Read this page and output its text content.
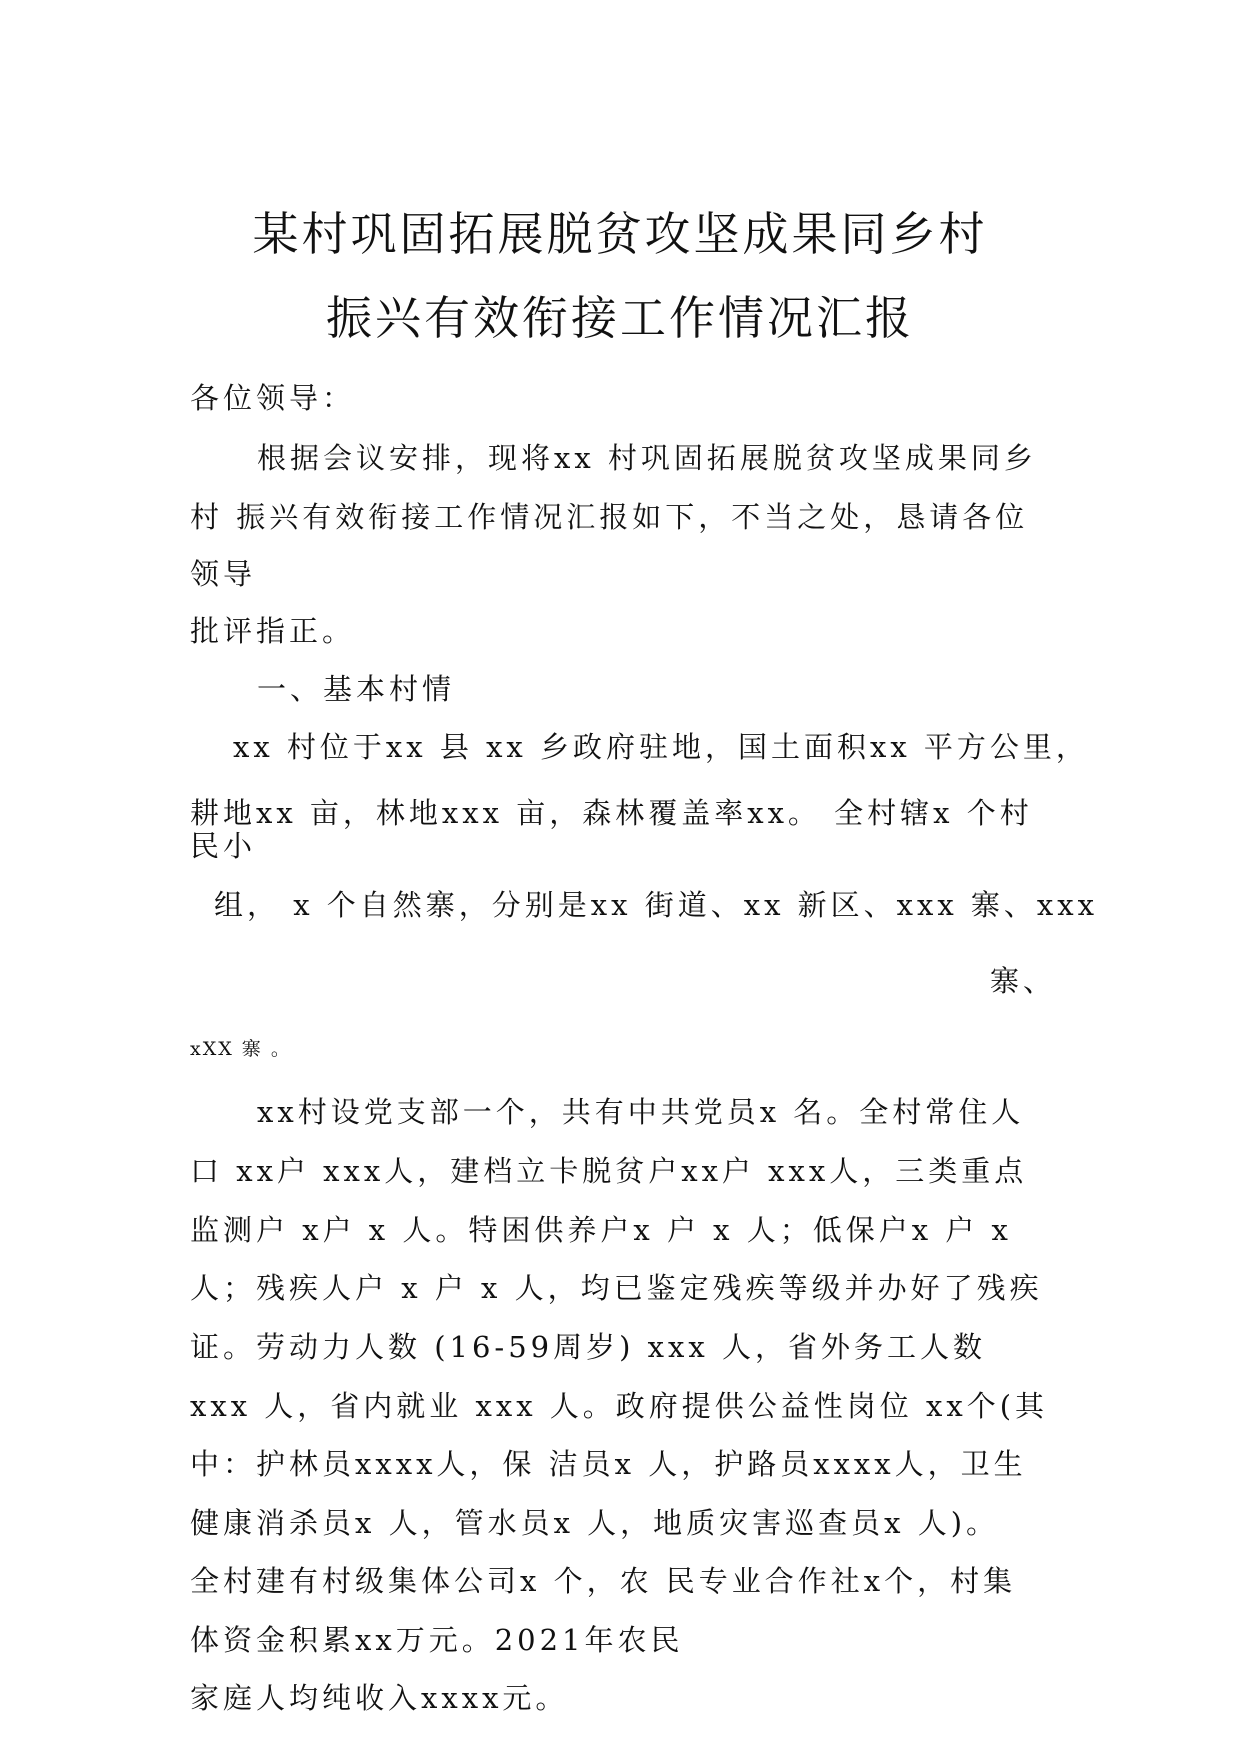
某村巩固拓展脱贫攻坚成果同乡村
振兴有效衔接工作情况汇报
各位领导：
根据会议安排，现将xx 村巩固拓展脱贫攻坚成果同乡
村 振兴有效衔接工作情况汇报如下，不当之处，恳请各位
领导
批评指正。
一、基本村情
xx 村位于xx 县 xx 乡政府驻地，国土面积xx 平方公里，
耕地xx 亩，林地xxx 亩，森林覆盖率xx。 全村辖x 个村
民小
组， x 个自然寨，分别是xx 街道、xx 新区、xxx 寨、xxx
寨、
xXX 寨 。
xx村设党支部一个，共有中共党员x 名。全村常住人
口 xx户 xxx人，建档立卡脱贫户xx户 xxx人，三类重点
监测户 x户 x 人。特困供养户x 户 x 人；低保户x 户 x
人；残疾人户 x 户 x 人，均已鉴定残疾等级并办好了残疾
证。劳动力人数 (16-59周岁) xxx 人，省外务工人数
xxx 人，省内就业 xxx 人。政府提供公益性岗位 xx个(其
中：护林员xxxx人，保 洁员x 人，护路员xxxx人，卫生
健康消杀员x 人，管水员x 人，地质灾害巡查员x 人)。
全村建有村级集体公司x 个，农 民专业合作社x个，村集
体资金积累xx万元。2021年农民
家庭人均纯收入xxxx元。
